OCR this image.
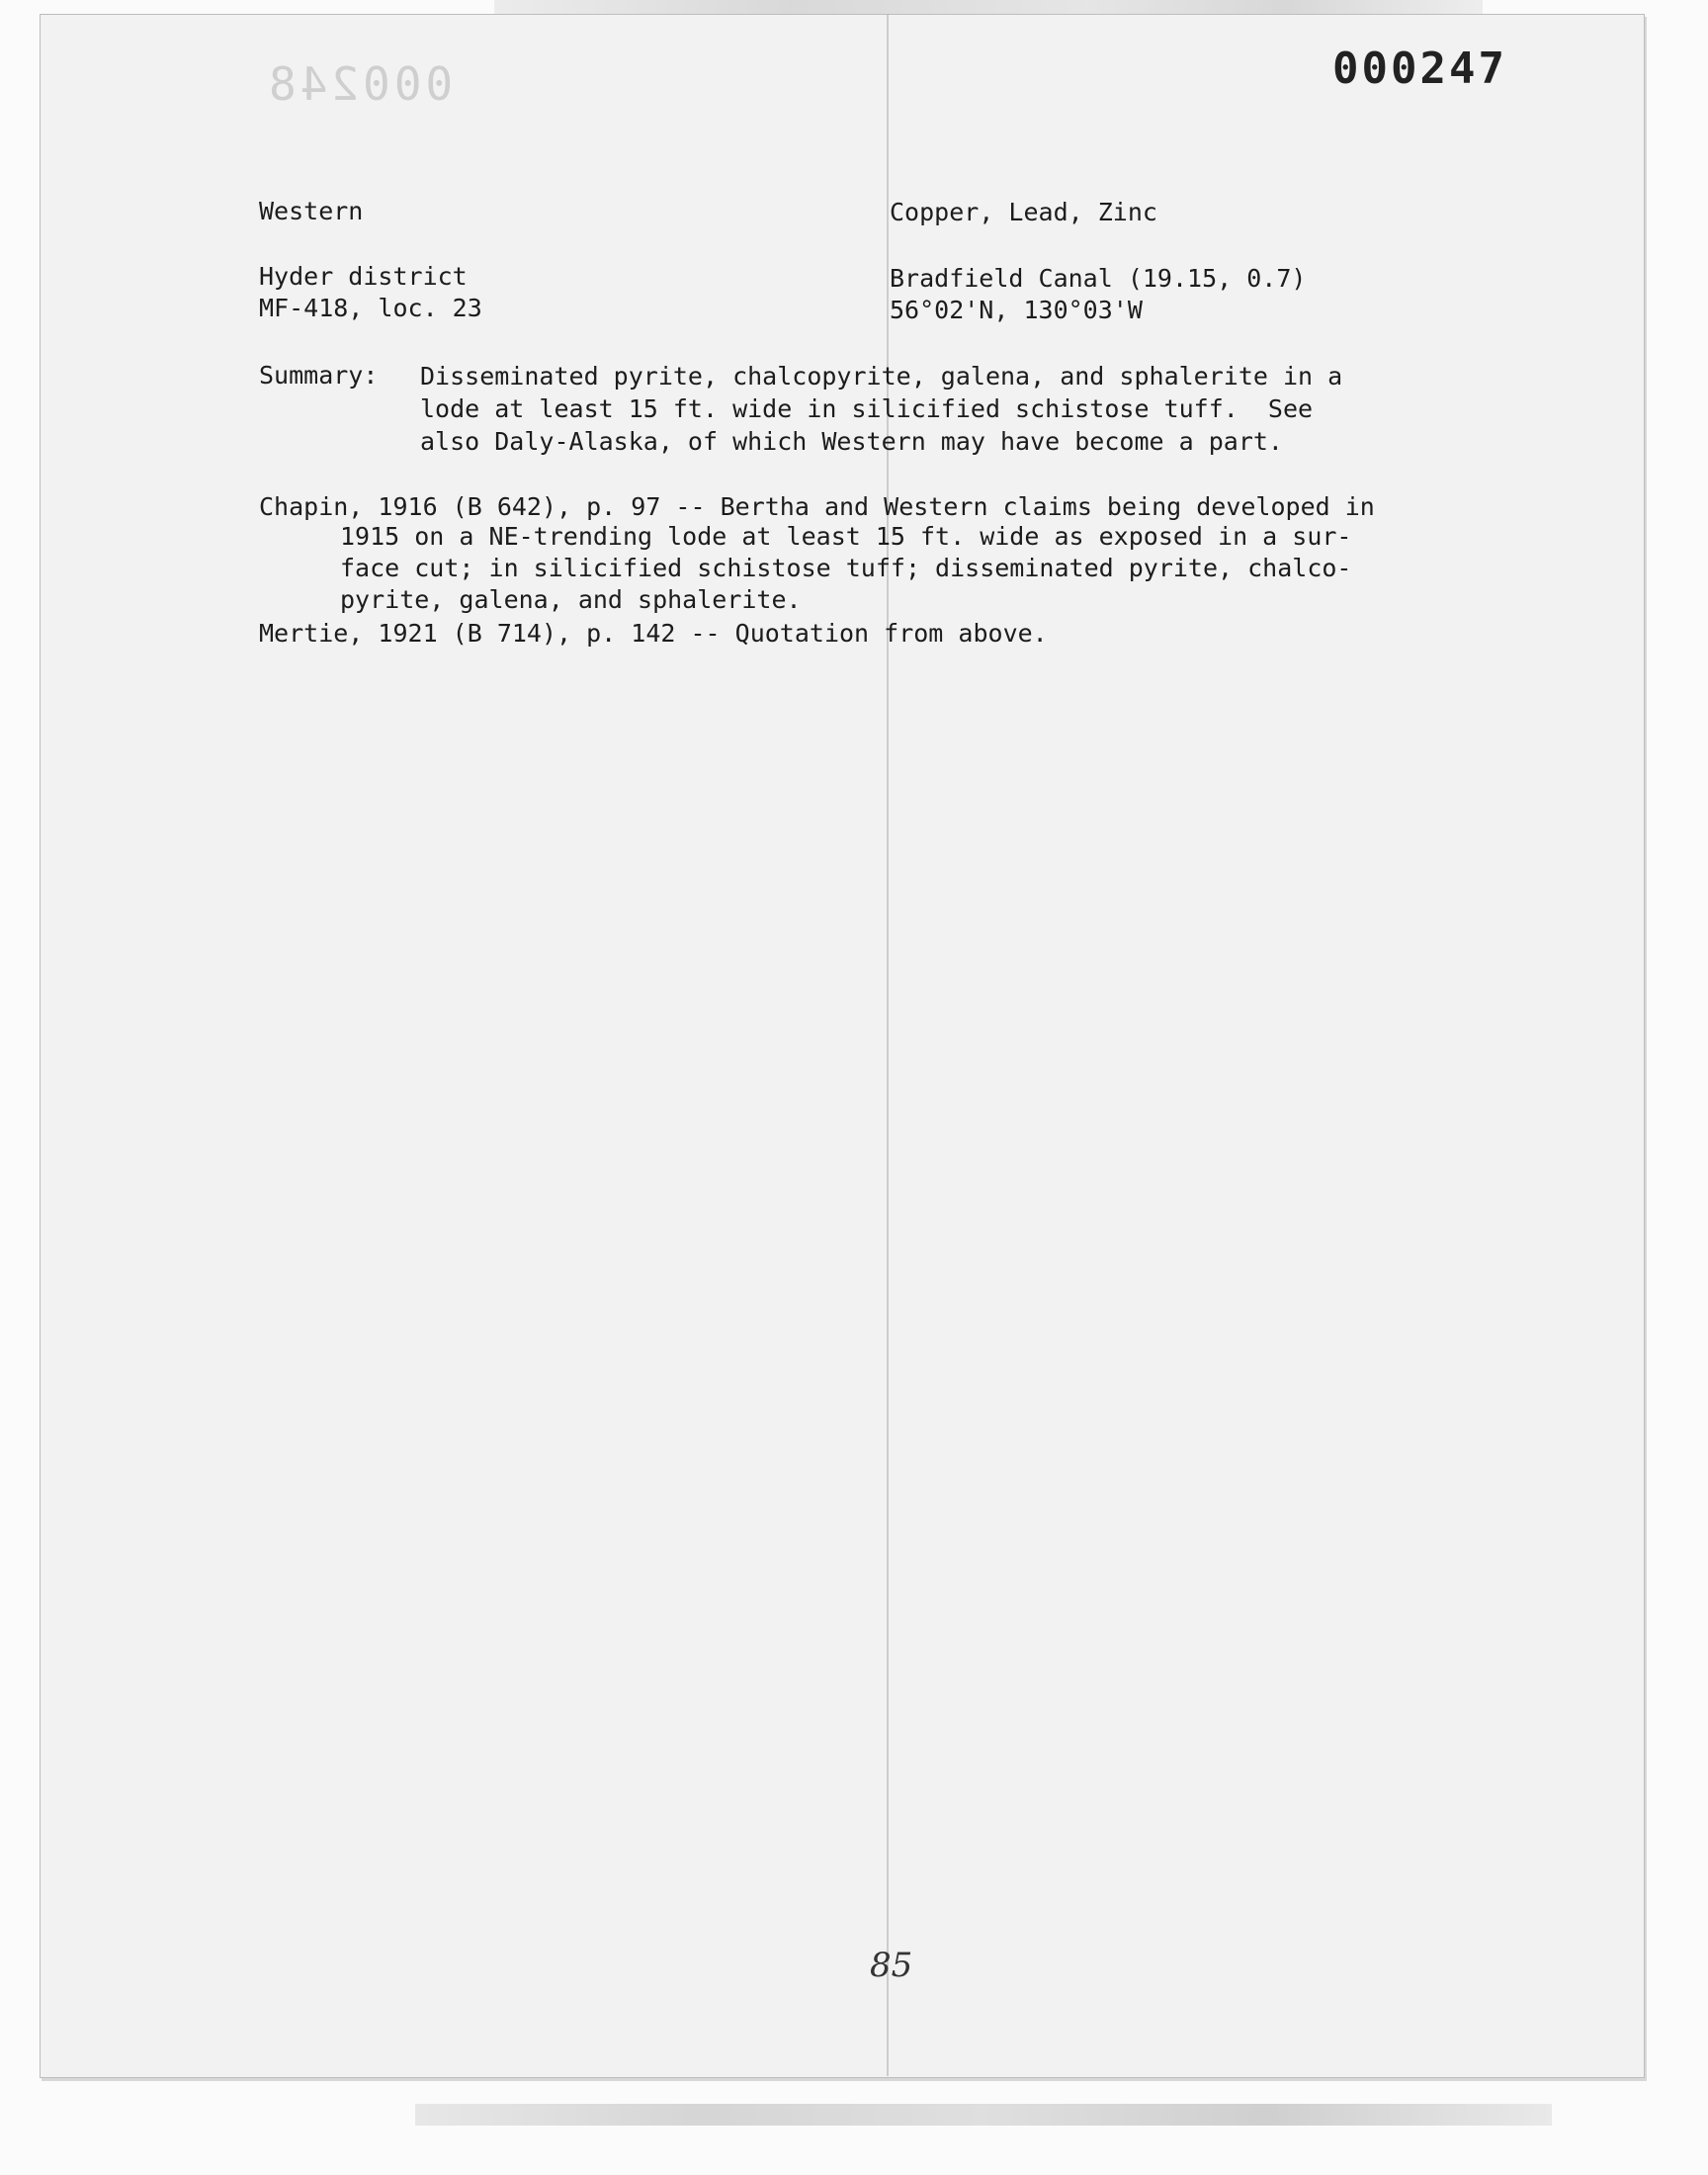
000248	000247
Western	Copper, Lead, Zinc
Hyder district	Bradfield Canal (19.15, 0.7)
MF-418, loc. 23	56°02'N, 130°03'W
Summary: Disseminated pyrite, chalcopyrite, galena, and sphalerite in a
lode at least 15 ft. wide in silicified schistose tuff.  See
also Daly-Alaska, of which Western may have become a part.
Chapin, 1916 (B 642), p. 97 -- Bertha and Western claims being developed in
1915 on a NE-trending lode at least 15 ft. wide as exposed in a sur-
face cut; in silicified schistose tuff; disseminated pyrite, chalco-
pyrite, galena, and sphalerite.
Mertie, 1921 (B 714), p. 142 -- Quotation from above.
85
